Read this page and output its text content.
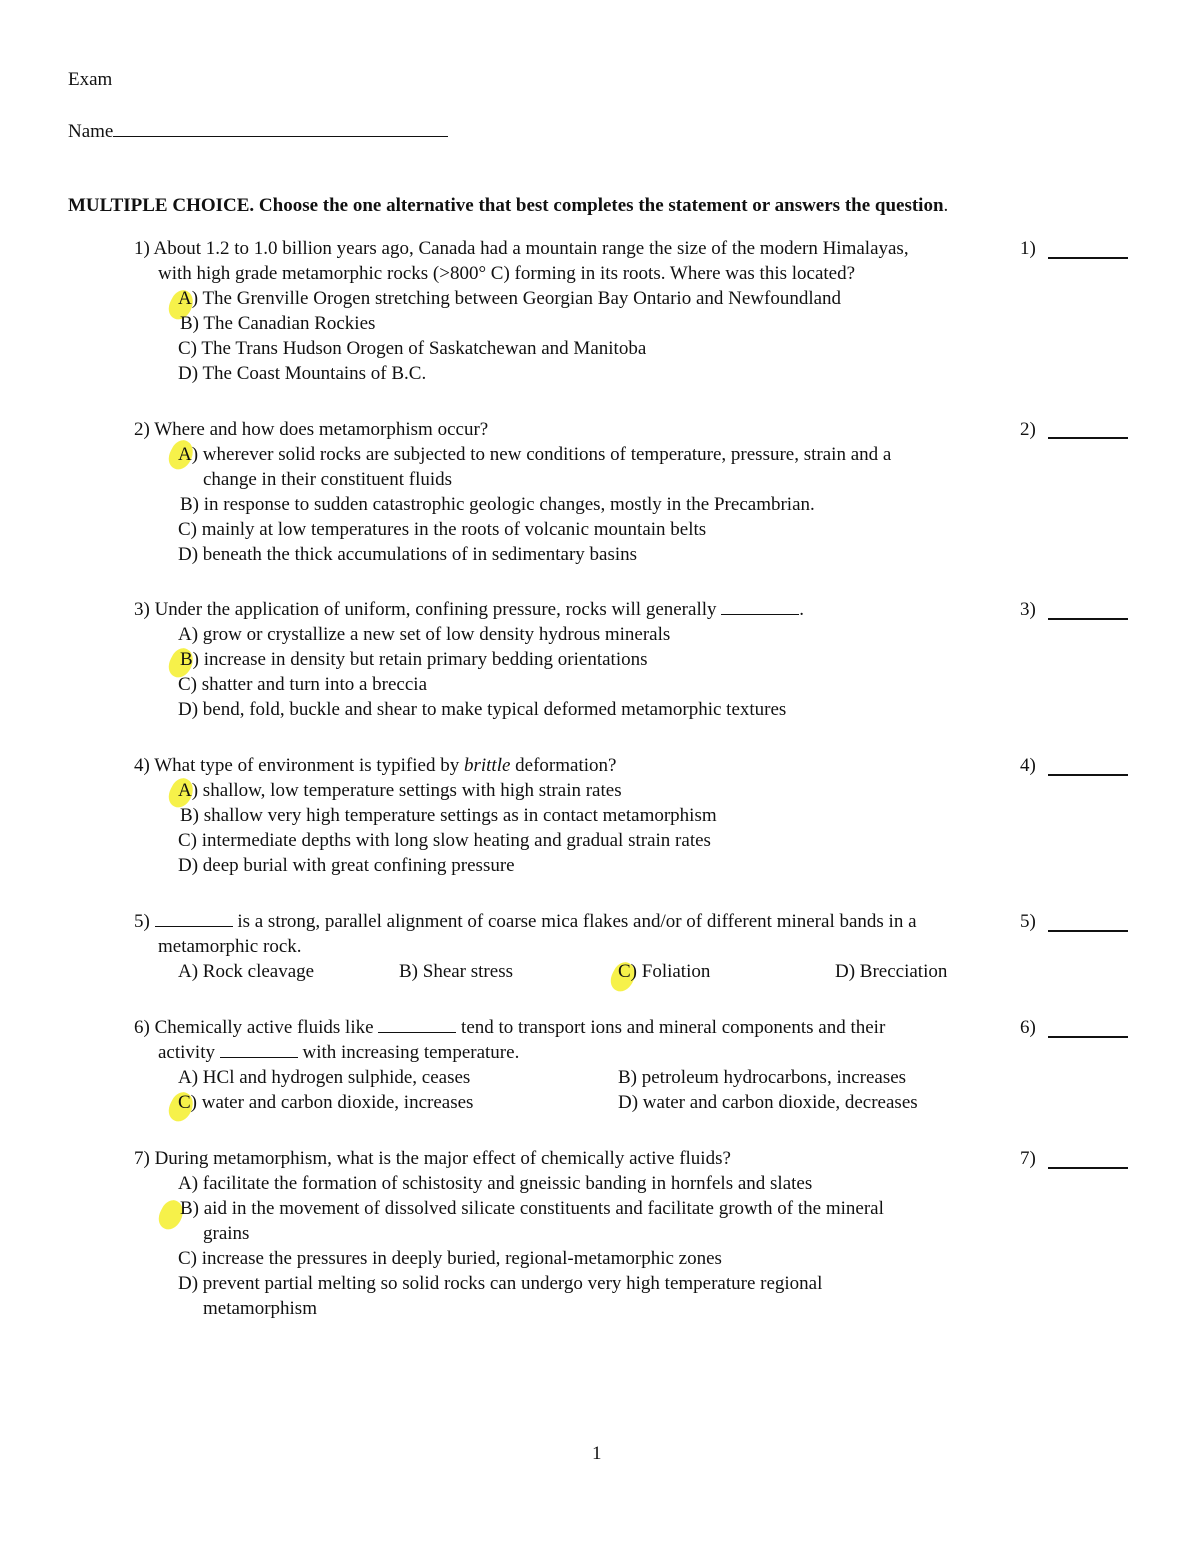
Exam
Name
MULTIPLE CHOICE. Choose the one alternative that best completes the statement or answers the question.
1) About 1.2 to 1.0 billion years ago, Canada had a mountain range the size of the modern Himalayas,
with high grade metamorphic rocks (>800° C) forming in its roots. Where was this located?
A) The Grenville Orogen stretching between Georgian Bay Ontario and Newfoundland
B) The Canadian Rockies
C) The Trans Hudson Orogen of Saskatchewan and Manitoba
D) The Coast Mountains of B.C.
1)
2) Where and how does metamorphism occur?
A) wherever solid rocks are subjected to new conditions of temperature, pressure, strain and a
change in their constituent fluids
B) in response to sudden catastrophic geologic changes, mostly in the Precambrian.
C) mainly at low temperatures in the roots of volcanic mountain belts
D) beneath the thick accumulations of in sedimentary basins
2)
3) Under the application of uniform, confining pressure, rocks will generally	.
A) grow or crystallize a new set of low density hydrous minerals
B) increase in density but retain primary bedding orientations
C) shatter and turn into a breccia
D) bend, fold, buckle and shear to make typical deformed metamorphic textures
3)
4) What type of environment is typified by brittle deformation?
A) shallow, low temperature settings with high strain rates
B) shallow very high temperature settings as in contact metamorphism
C) intermediate depths with long slow heating and gradual strain rates
D) deep burial with great confining pressure
4)
5)	is a strong, parallel alignment of coarse mica flakes and/or of different mineral bands in a
metamorphic rock.
A) Rock cleavage	B) Shear stress	C) Foliation	D) Brecciation
5)
6) Chemically active fluids like	tend to transport ions and mineral components and their
activity	with increasing temperature.
A) HCl and hydrogen sulphide, ceases	B) petroleum hydrocarbons, increases
C) water and carbon dioxide, increases	D) water and carbon dioxide, decreases
6)
7) During metamorphism, what is the major effect of chemically active fluids?
A) facilitate the formation of schistosity and gneissic banding in hornfels and slates
B) aid in the movement of dissolved silicate constituents and facilitate growth of the mineral
grains
C) increase the pressures in deeply buried, regional-metamorphic zones
D) prevent partial melting so solid rocks can undergo very high temperature regional
metamorphism
7)
1
